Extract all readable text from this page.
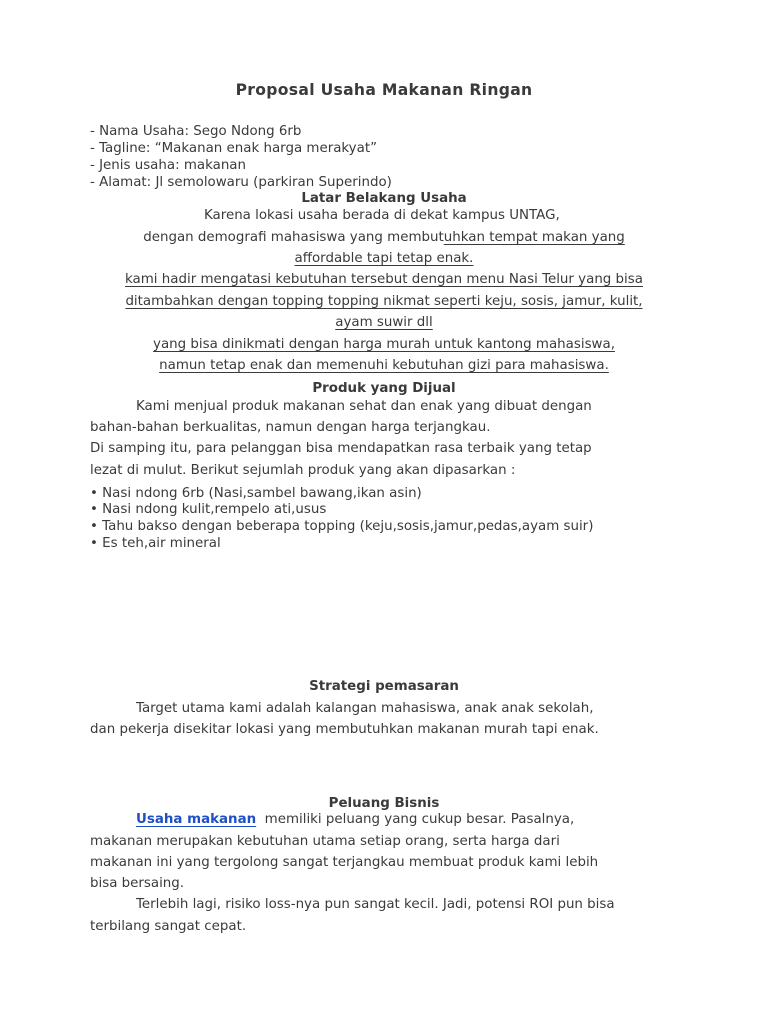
Proposal Usaha Makanan Ringan
- Nama Usaha: Sego Ndong 6rb
- Tagline: “Makanan enak harga merakyat”
- Jenis usaha: makanan
- Alamat: Jl semolowaru (parkiran Superindo)
Latar Belakang Usaha
Karena lokasi usaha berada di dekat kampus UNTAG,
dengan demografi mahasiswa yang membutuhkan tempat makan yang
affordable tapi tetap enak.
kami hadir mengatasi kebutuhan tersebut dengan menu Nasi Telur yang bisa
ditambahkan dengan topping topping nikmat seperti keju, sosis, jamur, kulit,
ayam suwir dll
yang bisa dinikmati dengan harga murah untuk kantong mahasiswa,
namun tetap enak dan memenuhi kebutuhan gizi para mahasiswa.
Produk yang Dijual
Kami menjual produk makanan sehat dan enak yang dibuat dengan
bahan-bahan berkualitas, namun dengan harga terjangkau.
Di samping itu, para pelanggan bisa mendapatkan rasa terbaik yang tetap
lezat di mulut. Berikut sejumlah produk yang akan dipasarkan :
• Nasi ndong 6rb (Nasi,sambel bawang,ikan asin)
• Nasi ndong kulit,rempelo ati,usus
• Tahu bakso dengan beberapa topping (keju,sosis,jamur,pedas,ayam suir)
• Es teh,air mineral
Strategi pemasaran
Target utama kami adalah kalangan mahasiswa, anak anak sekolah,
dan pekerja disekitar lokasi yang membutuhkan makanan murah tapi enak.
Peluang Bisnis
Usaha makanan memiliki peluang yang cukup besar. Pasalnya,
makanan merupakan kebutuhan utama setiap orang, serta harga dari
makanan ini yang tergolong sangat terjangkau membuat produk kami lebih
bisa bersaing.
Terlebih lagi, risiko loss-nya pun sangat kecil. Jadi, potensi ROI pun bisa
terbilang sangat cepat.
